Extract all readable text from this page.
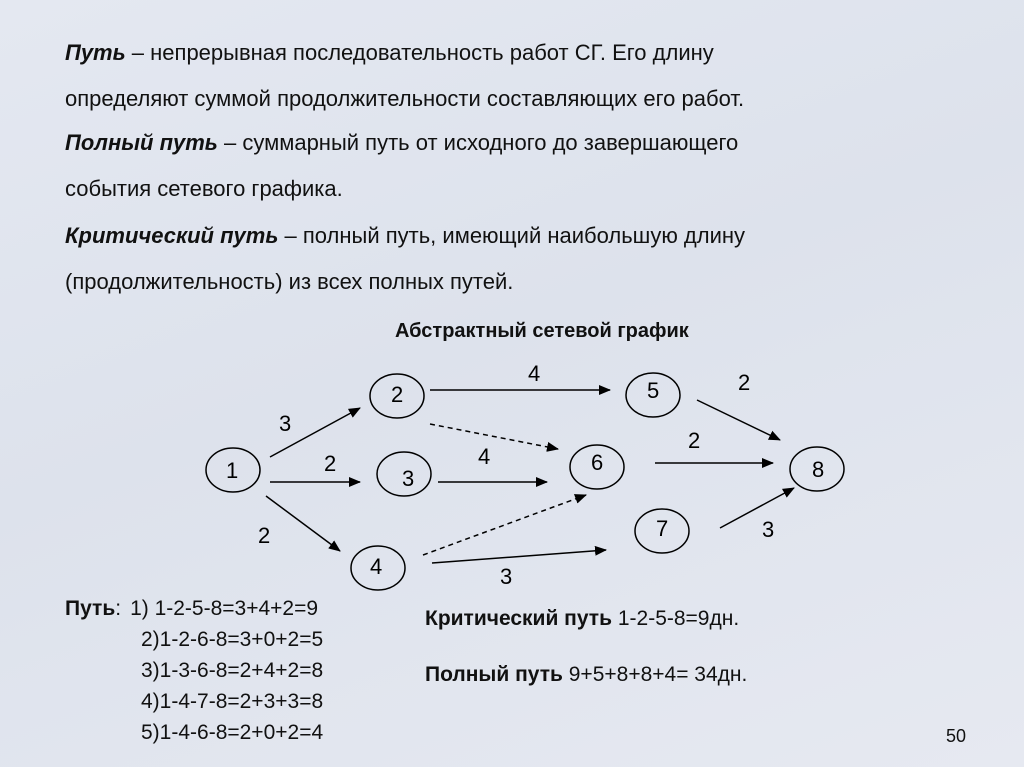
Путь – непрерывная последовательность работ СГ. Его длину
определяют суммой продолжительности составляющих его работ.
Полный путь – суммарный путь от исходного до завершающего
события сетевого графика.
Критический путь – полный путь, имеющий наибольшую длину
(продолжительность) из всех полных путей.
Абстрактный сетевой график
3
2
2
4
4
3
2
2
3
1
2
3
4
5
6
7
8
Путь: 1) 1-2-5-8=3+4+2=9
2)1-2-6-8=3+0+2=5
3)1-3-6-8=2+4+2=8
4)1-4-7-8=2+3+3=8
5)1-4-6-8=2+0+2=4
Критический путь 1-2-5-8=9дн.
Полный путь 9+5+8+8+4= 34дн.
50
